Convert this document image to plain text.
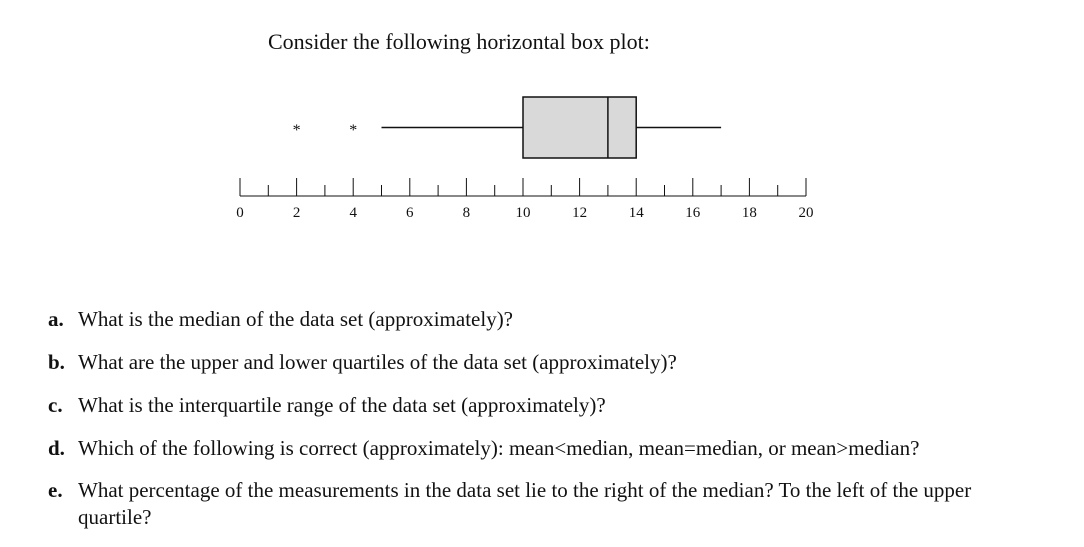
Consider the following horizontal box plot:
0	2	4	6	8	10	12	14	16	18	20
*	*
a. What is the median of the data set (approximately)?
b. What are the upper and lower quartiles of the data set (approximately)?
c. What is the interquartile range of the data set (approximately)?
d. Which of the following is correct (approximately): mean<median, mean=median, or mean>median?
e. What percentage of the measurements in the data set lie to the right of the median? To the left of the upper quartile?
